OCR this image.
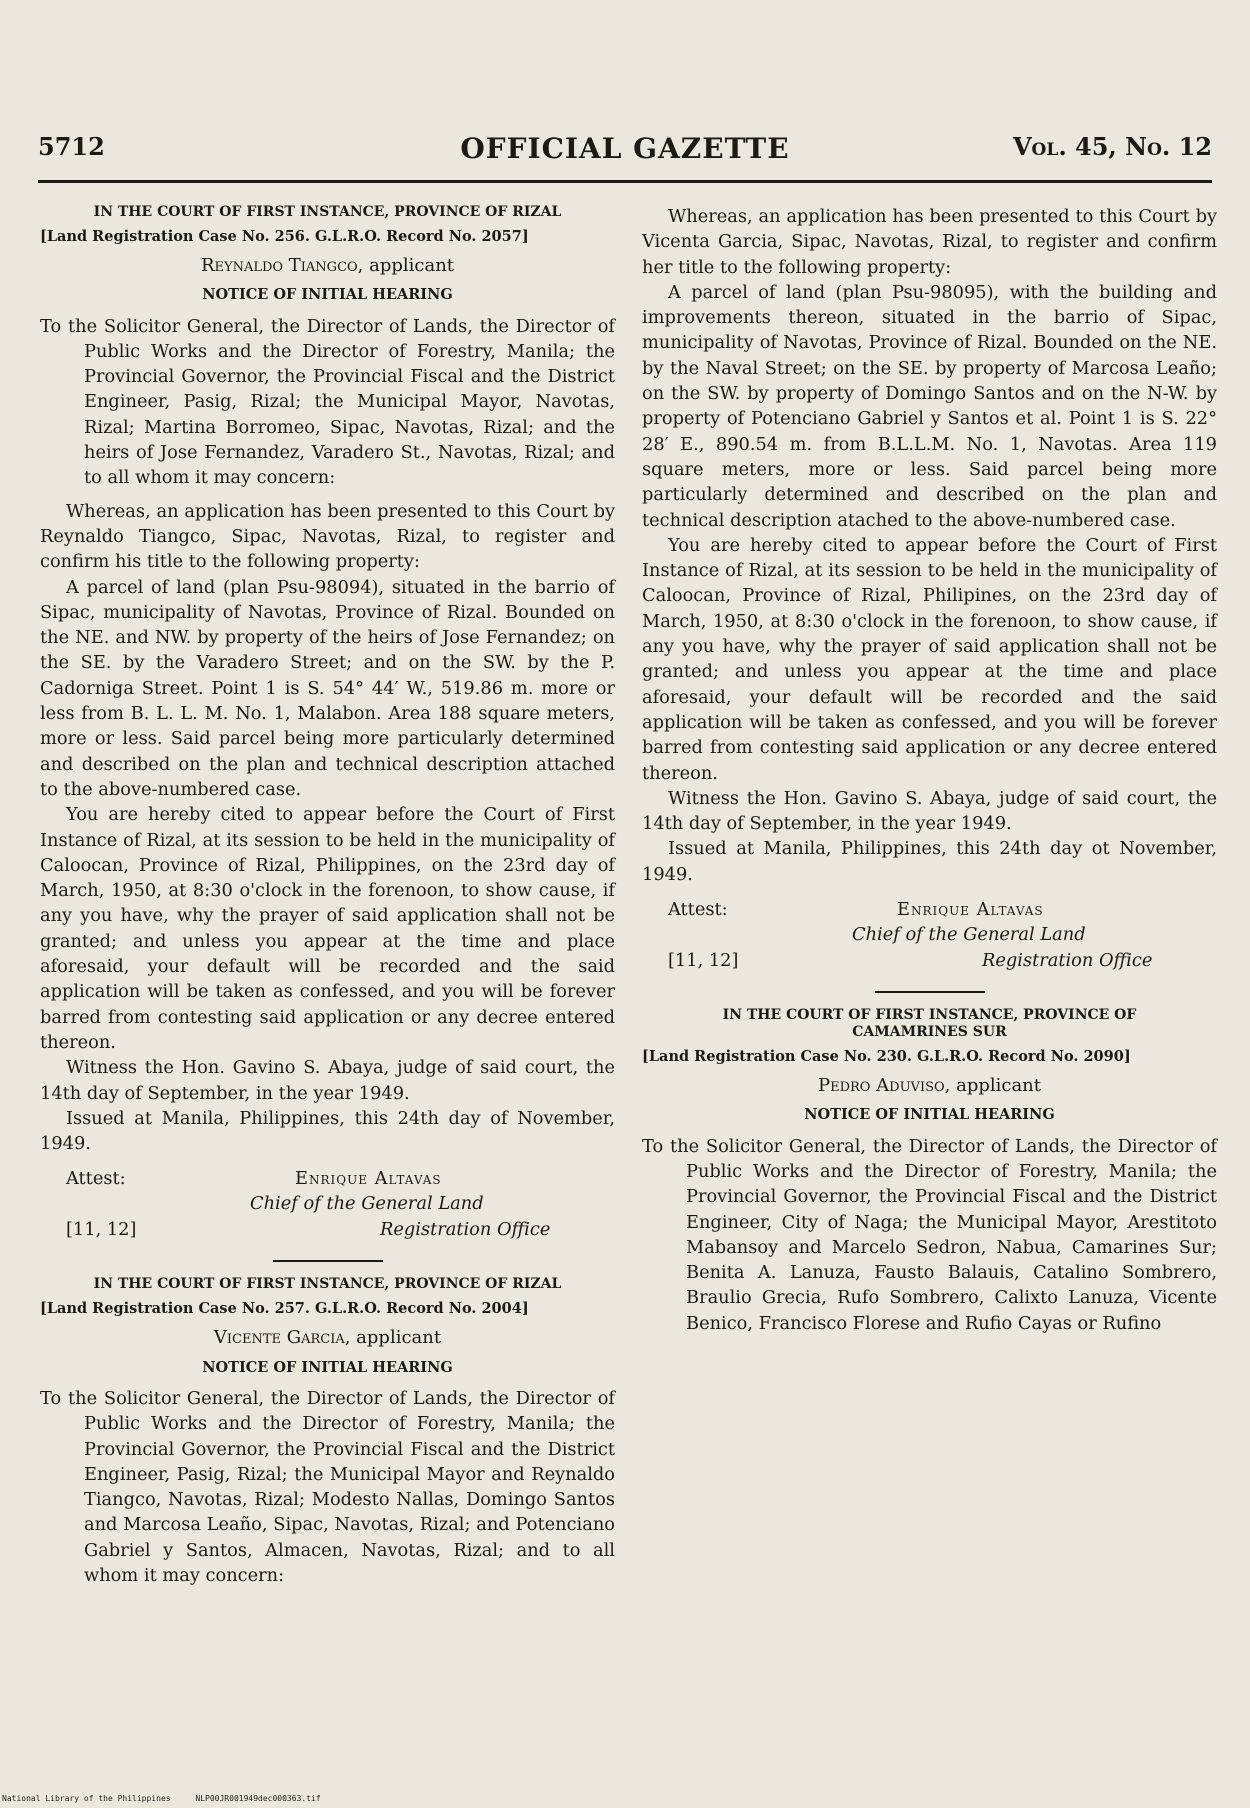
5712	OFFICIAL GAZETTE	Vol. 45, No. 12
IN THE COURT OF FIRST INSTANCE, PROVINCE OF RIZAL
[Land Registration Case No. 256. G.L.R.O. Record No. 2057]
Reynaldo Tiangco, applicant
NOTICE OF INITIAL HEARING

To the Solicitor General, the Director of Lands, the Director of Public Works and the Director of Forestry, Manila; the Provincial Governor, the Provincial Fiscal and the District Engineer, Pasig, Rizal; the Municipal Mayor, Navotas, Rizal; Martina Borromeo, Sipac, Navotas, Rizal; and the heirs of Jose Fernandez, Varadero St., Navotas, Rizal; and to all whom it may concern:

Whereas, an application has been presented to this Court by Reynaldo Tiangco, Sipac, Navotas, Rizal, to register and confirm his title to the following property:

A parcel of land (plan Psu-98094), situated in the barrio of Sipac, municipality of Navotas, Province of Rizal. Bounded on the NE. and NW. by property of the heirs of Jose Fernandez; on the SE. by the Varadero Street; and on the SW. by the P. Cadorniga Street. Point 1 is S. 54° 44′ W., 519.86 m. more or less from B. L. L. M. No. 1, Malabon. Area 188 square meters, more or less. Said parcel being more particularly determined and described on the plan and technical description attached to the above-numbered case.

You are hereby cited to appear before the Court of First Instance of Rizal, at its session to be held in the municipality of Caloocan, Province of Rizal, Philippines, on the 23rd day of March, 1950, at 8:30 o'clock in the forenoon, to show cause, if any you have, why the prayer of said application shall not be granted; and unless you appear at the time and place aforesaid, your default will be recorded and the said application will be taken as confessed, and you will be forever barred from contesting said application or any decree entered thereon.

Witness the Hon. Gavino S. Abaya, judge of said court, the 14th day of September, in the year 1949.

Issued at Manila, Philippines, this 24th day of November, 1949.

Attest:	Enrique Altavas
Chief of the General Land
[11, 12]	Registration Office
IN THE COURT OF FIRST INSTANCE, PROVINCE OF RIZAL
[Land Registration Case No. 257. G.L.R.O. Record No. 2004]
Vicente Garcia, applicant
NOTICE OF INITIAL HEARING

To the Solicitor General, the Director of Lands, the Director of Public Works and the Director of Forestry, Manila; the Provincial Governor, the Provincial Fiscal and the District Engineer, Pasig, Rizal; the Municipal Mayor and Reynaldo Tiangco, Navotas, Rizal; Modesto Nallas, Domingo Santos and Marcosa Leaño, Sipac, Navotas, Rizal; and Potenciano Gabriel y Santos, Almacen, Navotas, Rizal; and to all whom it may concern:

Whereas, an application has been presented to this Court by Vicenta Garcia, Sipac, Navotas, Rizal, to register and confirm her title to the following property:

A parcel of land (plan Psu-98095), with the building and improvements thereon, situated in the barrio of Sipac, municipality of Navotas, Province of Rizal. Bounded on the NE. by the Naval Street; on the SE. by property of Marcosa Leaño; on the SW. by property of Domingo Santos and on the N-W. by property of Potenciano Gabriel y Santos et al. Point 1 is S. 22° 28′ E., 890.54 m. from B.L.L.M. No. 1, Navotas. Area 119 square meters, more or less. Said parcel being more particularly determined and described on the plan and technical description atached to the above-numbered case.

You are hereby cited to appear before the Court of First Instance of Rizal, at its session to be held in the municipality of Caloocan, Province of Rizal, Philipines, on the 23rd day of March, 1950, at 8:30 o'clock in the forenoon, to show cause, if any you have, why the prayer of said application shall not be granted; and unless you appear at the time and place aforesaid, your default will be recorded and the said application will be taken as confessed, and you will be forever barred from contesting said application or any decree entered thereon.

Witness the Hon. Gavino S. Abaya, judge of said court, the 14th day of September, in the year 1949.

Issued at Manila, Philippines, this 24th day ot November, 1949.

Attest:	Enrique Altavas
Chief of the General Land
[11, 12]	Registration Office
IN THE COURT OF FIRST INSTANCE, PROVINCE OF CAMAMRINES SUR
[Land Registration Case No. 230. G.L.R.O. Record No. 2090]
Pedro Aduviso, applicant
NOTICE OF INITIAL HEARING

To the Solicitor General, the Director of Lands, the Director of Public Works and the Director of Forestry, Manila; the Provincial Governor, the Provincial Fiscal and the District Engineer, City of Naga; the Municipal Mayor, Arestitoto Mabansoy and Marcelo Sedron, Nabua, Camarines Sur; Benita A. Lanuza, Fausto Balauis, Catalino Sombrero, Braulio Grecia, Rufo Sombrero, Calixto Lanuza, Vicente Benico, Francisco Florese and Rufio Cayas or Rufino

National Library of the Philippines	NLP00JR001949dec000363.tif
